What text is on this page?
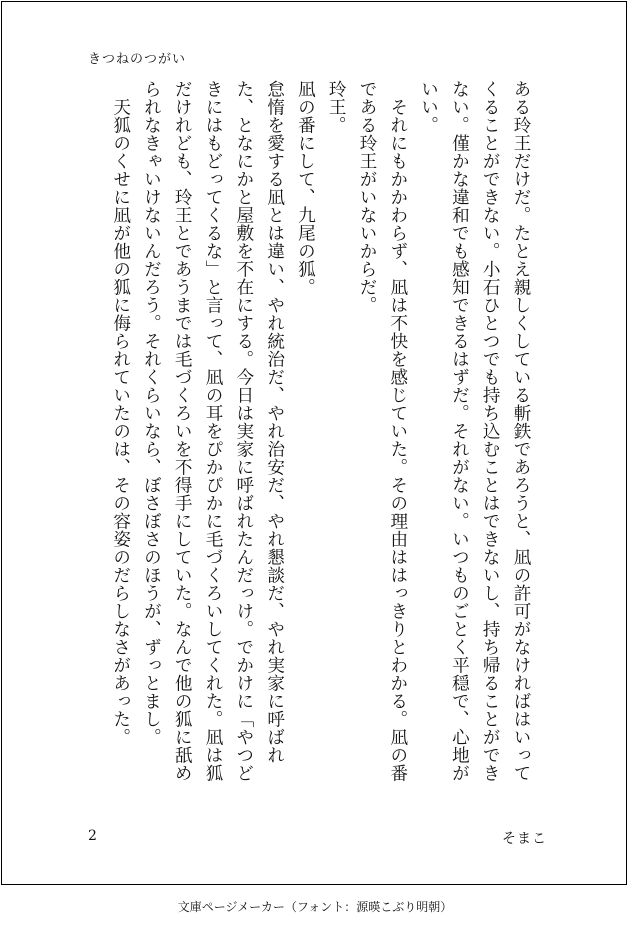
きつねのつがい

ある玲王だけだ。たとえ親しくしている斬鉄であろうと、凪の許可がなければはいってくることができない。小石ひとつでも持ち込むことはできないし、持ち帰ることができない。僅かな違和でも感知できるはずだ。それがない。いつものごとく平穏で、心地がいい。

　それにもかかわらず、凪は不快を感じていた。その理由ははっきりとわかる。凪の番である玲王がいないからだ。

玲王。

凪の番にして、九尾の狐。

怠惰を愛する凪とは違い、やれ統治だ、やれ治安だ、やれ懇談だ、やれ実家に呼ばれた、となにかと屋敷を不在にする。今日は実家に呼ばれたんだっけ。でかけに「やつどきにはもどってくるな」と言って、凪の耳をぴかぴかに毛づくろいしてくれた。凪は狐だけれども、玲王とであうまでは毛づくろいを不得手にしていた。なんで他の狐に舐められなきゃいけないんだろう。それくらいなら、ぼさぼさのほうが、ずっとまし。

　天狐のくせに凪が他の狐に侮られていたのは、その容姿のだらしなさがあった。

2	そまこ
文庫ページメーカー（フォント：源暎こぶり明朝）
